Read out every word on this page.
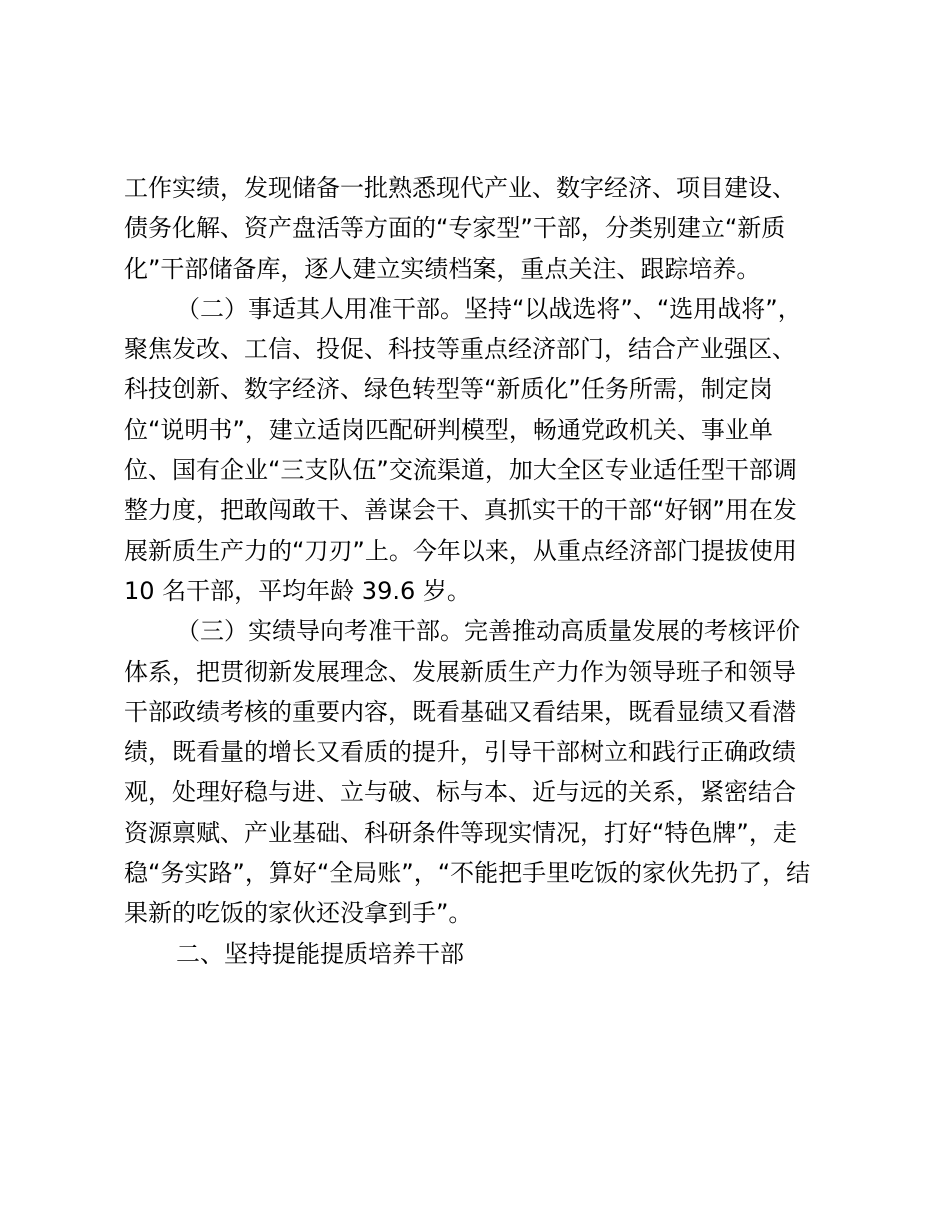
工作实绩，发现储备一批熟悉现代产业、数字经济、项目建设、
债务化解、资产盘活等方面的“专家型”干部，分类别建立“新质
化”干部储备库，逐人建立实绩档案，重点关注、跟踪培养。
（二）事适其人用准干部。坚持“以战选将”、“选用战将”，
聚焦发改、工信、投促、科技等重点经济部门，结合产业强区、
科技创新、数字经济、绿色转型等“新质化”任务所需，制定岗
位“说明书”，建立适岗匹配研判模型，畅通党政机关、事业单
位、国有企业“三支队伍”交流渠道，加大全区专业适任型干部调
整力度，把敢闯敢干、善谋会干、真抓实干的干部“好钢”用在发
展新质生产力的“刀刃”上。今年以来，从重点经济部门提拔使用
10 名干部，平均年龄 39.6 岁。
（三）实绩导向考准干部。完善推动高质量发展的考核评价
体系，把贯彻新发展理念、发展新质生产力作为领导班子和领导
干部政绩考核的重要内容，既看基础又看结果，既看显绩又看潜
绩，既看量的增长又看质的提升，引导干部树立和践行正确政绩
观，处理好稳与进、立与破、标与本、近与远的关系，紧密结合
资源禀赋、产业基础、科研条件等现实情况，打好“特色牌”，走
稳“务实路”，算好“全局账”，“不能把手里吃饭的家伙先扔了，结
果新的吃饭的家伙还没拿到手”。
二、坚持提能提质培养干部
